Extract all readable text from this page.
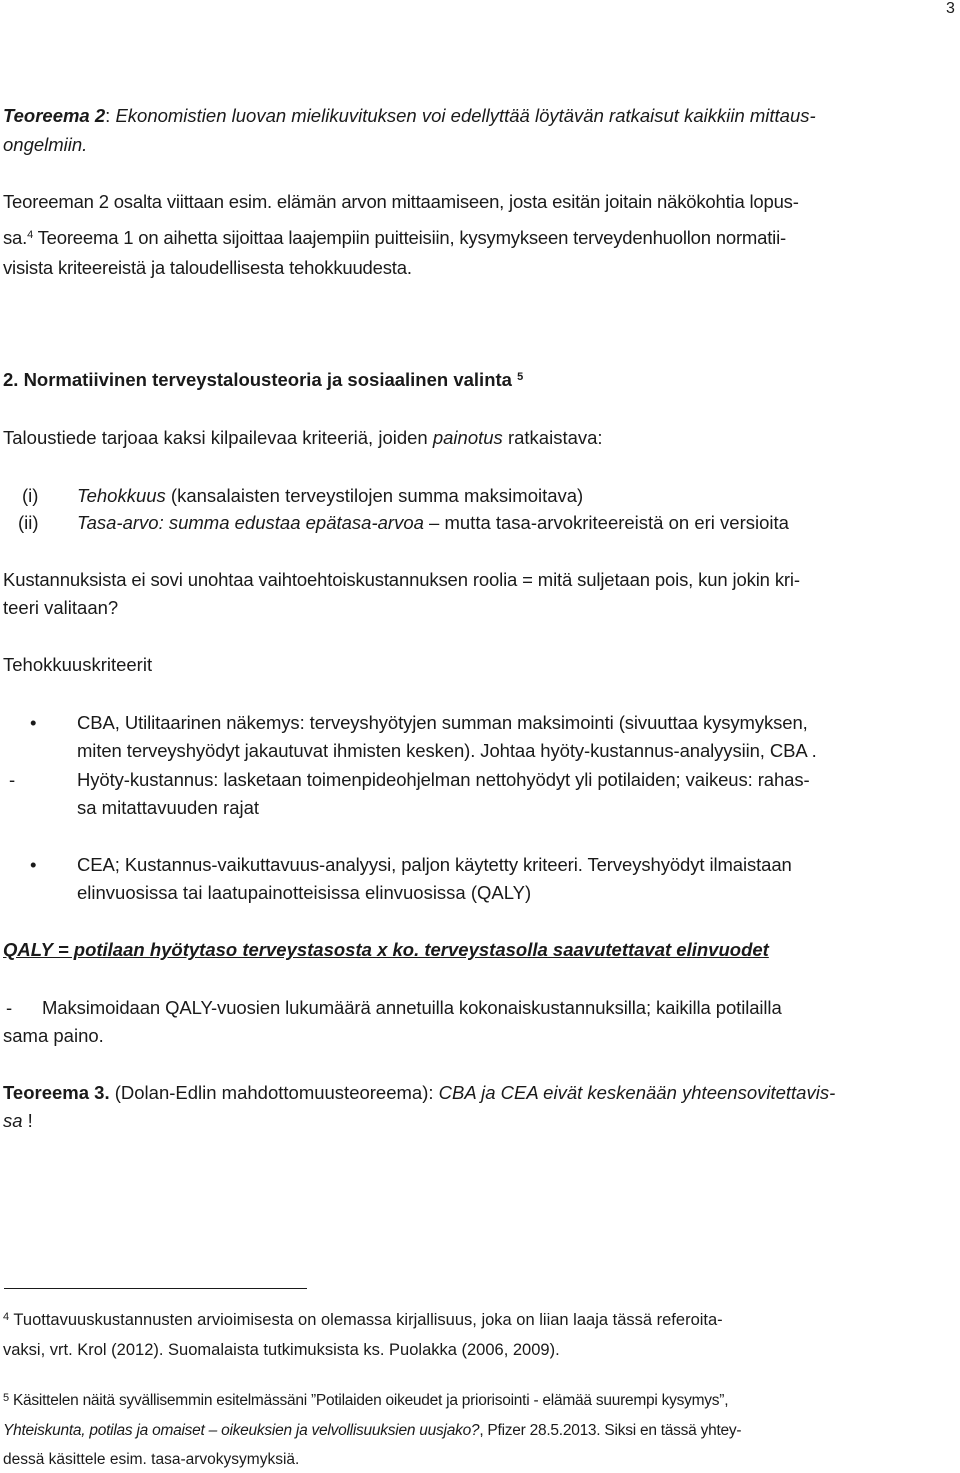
3
Teoreema 2: Ekonomistien luovan mielikuvituksen voi edellyttää löytävän ratkaisut kaikkiin mittaus-
ongelmiin.
Teoreeman 2 osalta viittaan esim. elämän arvon mittaamiseen, josta esitän joitain näkökohtia lopus-
sa.$^4$ Teoreema 1 on aihetta sijoittaa laajempiin puitteisiin, kysymykseen terveydenhuollon normatii-
visista kriteereistä ja taloudellisesta tehokkuudesta.
2. Normatiivinen terveystalousteoria ja sosiaalinen valinta $^5$
Taloustiede tarjoaa kaksi kilpailevaa kriteeriä, joiden painotus ratkaistava:
(i) Tehokkuus (kansalaisten terveystilojen summa maksimoitava)
(ii) Tasa-arvo: summa edustaa epätasa-arvoa – mutta tasa-arvokriteereistä on eri versioita
Kustannuksista ei sovi unohtaa vaihtoehtoiskustannuksen roolia = mitä suljetaan pois, kun jokin kri-
teeri valitaan?
Tehokkuuskriteerit
• CBA, Utilitaarinen näkemys: terveyshyötyjen summan maksimointi (sivuuttaa kysymyksen,
miten terveyshyödyt jakautuvat ihmisten kesken). Johtaa hyöty-kustannus-analyysiin, CBA .
-	Hyöty-kustannus: lasketaan toimenpideohjelman nettohyödyt yli potilaiden; vaikeus: rahas-
sa mitattavuuden rajat
• CEA; Kustannus-vaikuttavuus-analyysi, paljon käytetty kriteeri. Terveyshyödyt ilmaistaan
elinvuosissa tai laatupainotteisissa elinvuosissa (QALY)
QALY = potilaan hyötytaso terveystasosta x ko. terveystasolla saavutettavat elinvuodet
- Maksimoidaan QALY-vuosien lukumäärä annetuilla kokonaiskustannuksilla; kaikilla potilailla
sama paino.
Teoreema 3. (Dolan-Edlin mahdottomuusteoreema): CBA ja CEA eivät keskenään yhteensovitettavis-
sa !
$^4$ Tuottavuuskustannusten arvioimisesta on olemassa kirjallisuus, joka on liian laaja tässä referoita-
vaksi, vrt. Krol (2012). Suomalaista tutkimuksista ks. Puolakka (2006, 2009).
$^5$ Käsittelen näitä syvällisemmin esitelmässäni ”Potilaiden oikeudet ja priorisointi - elämää suurempi kysymys”,
Yhteiskunta, potilas ja omaiset – oikeuksien ja velvollisuuksien uusjako?, Pfizer 28.5.2013. Siksi en tässä yhtey-
dessä käsittele esim. tasa-arvokysymyksiä.
